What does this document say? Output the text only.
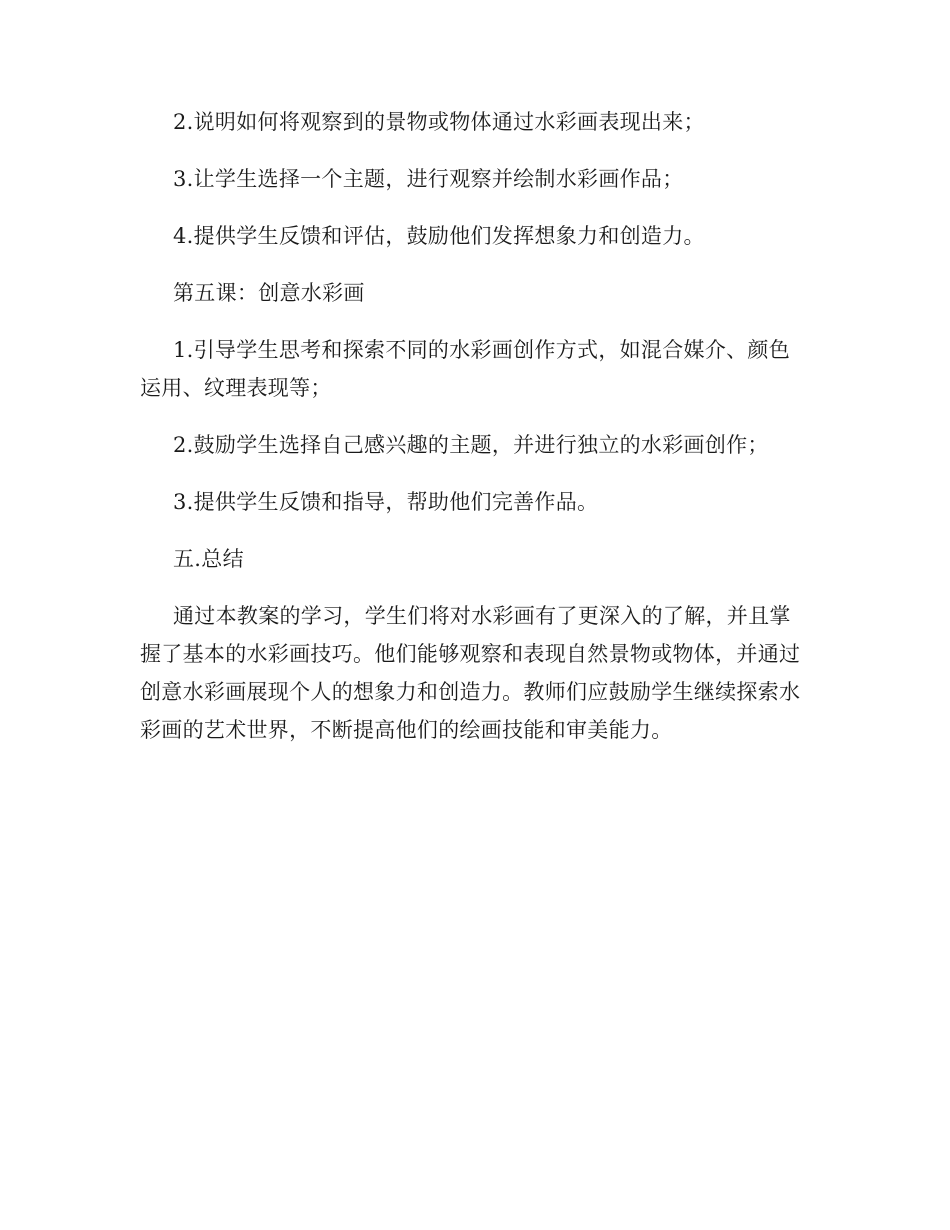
2.说明如何将观察到的景物或物体通过水彩画表现出来；

3.让学生选择一个主题，进行观察并绘制水彩画作品；

4.提供学生反馈和评估，鼓励他们发挥想象力和创造力。

第五课：创意水彩画

1.引导学生思考和探索不同的水彩画创作方式，如混合媒介、颜色运用、纹理表现等；

2.鼓励学生选择自己感兴趣的主题，并进行独立的水彩画创作；

3.提供学生反馈和指导，帮助他们完善作品。

五.总结

通过本教案的学习，学生们将对水彩画有了更深入的了解，并且掌握了基本的水彩画技巧。他们能够观察和表现自然景物或物体，并通过创意水彩画展现个人的想象力和创造力。教师们应鼓励学生继续探索水彩画的艺术世界，不断提高他们的绘画技能和审美能力。
